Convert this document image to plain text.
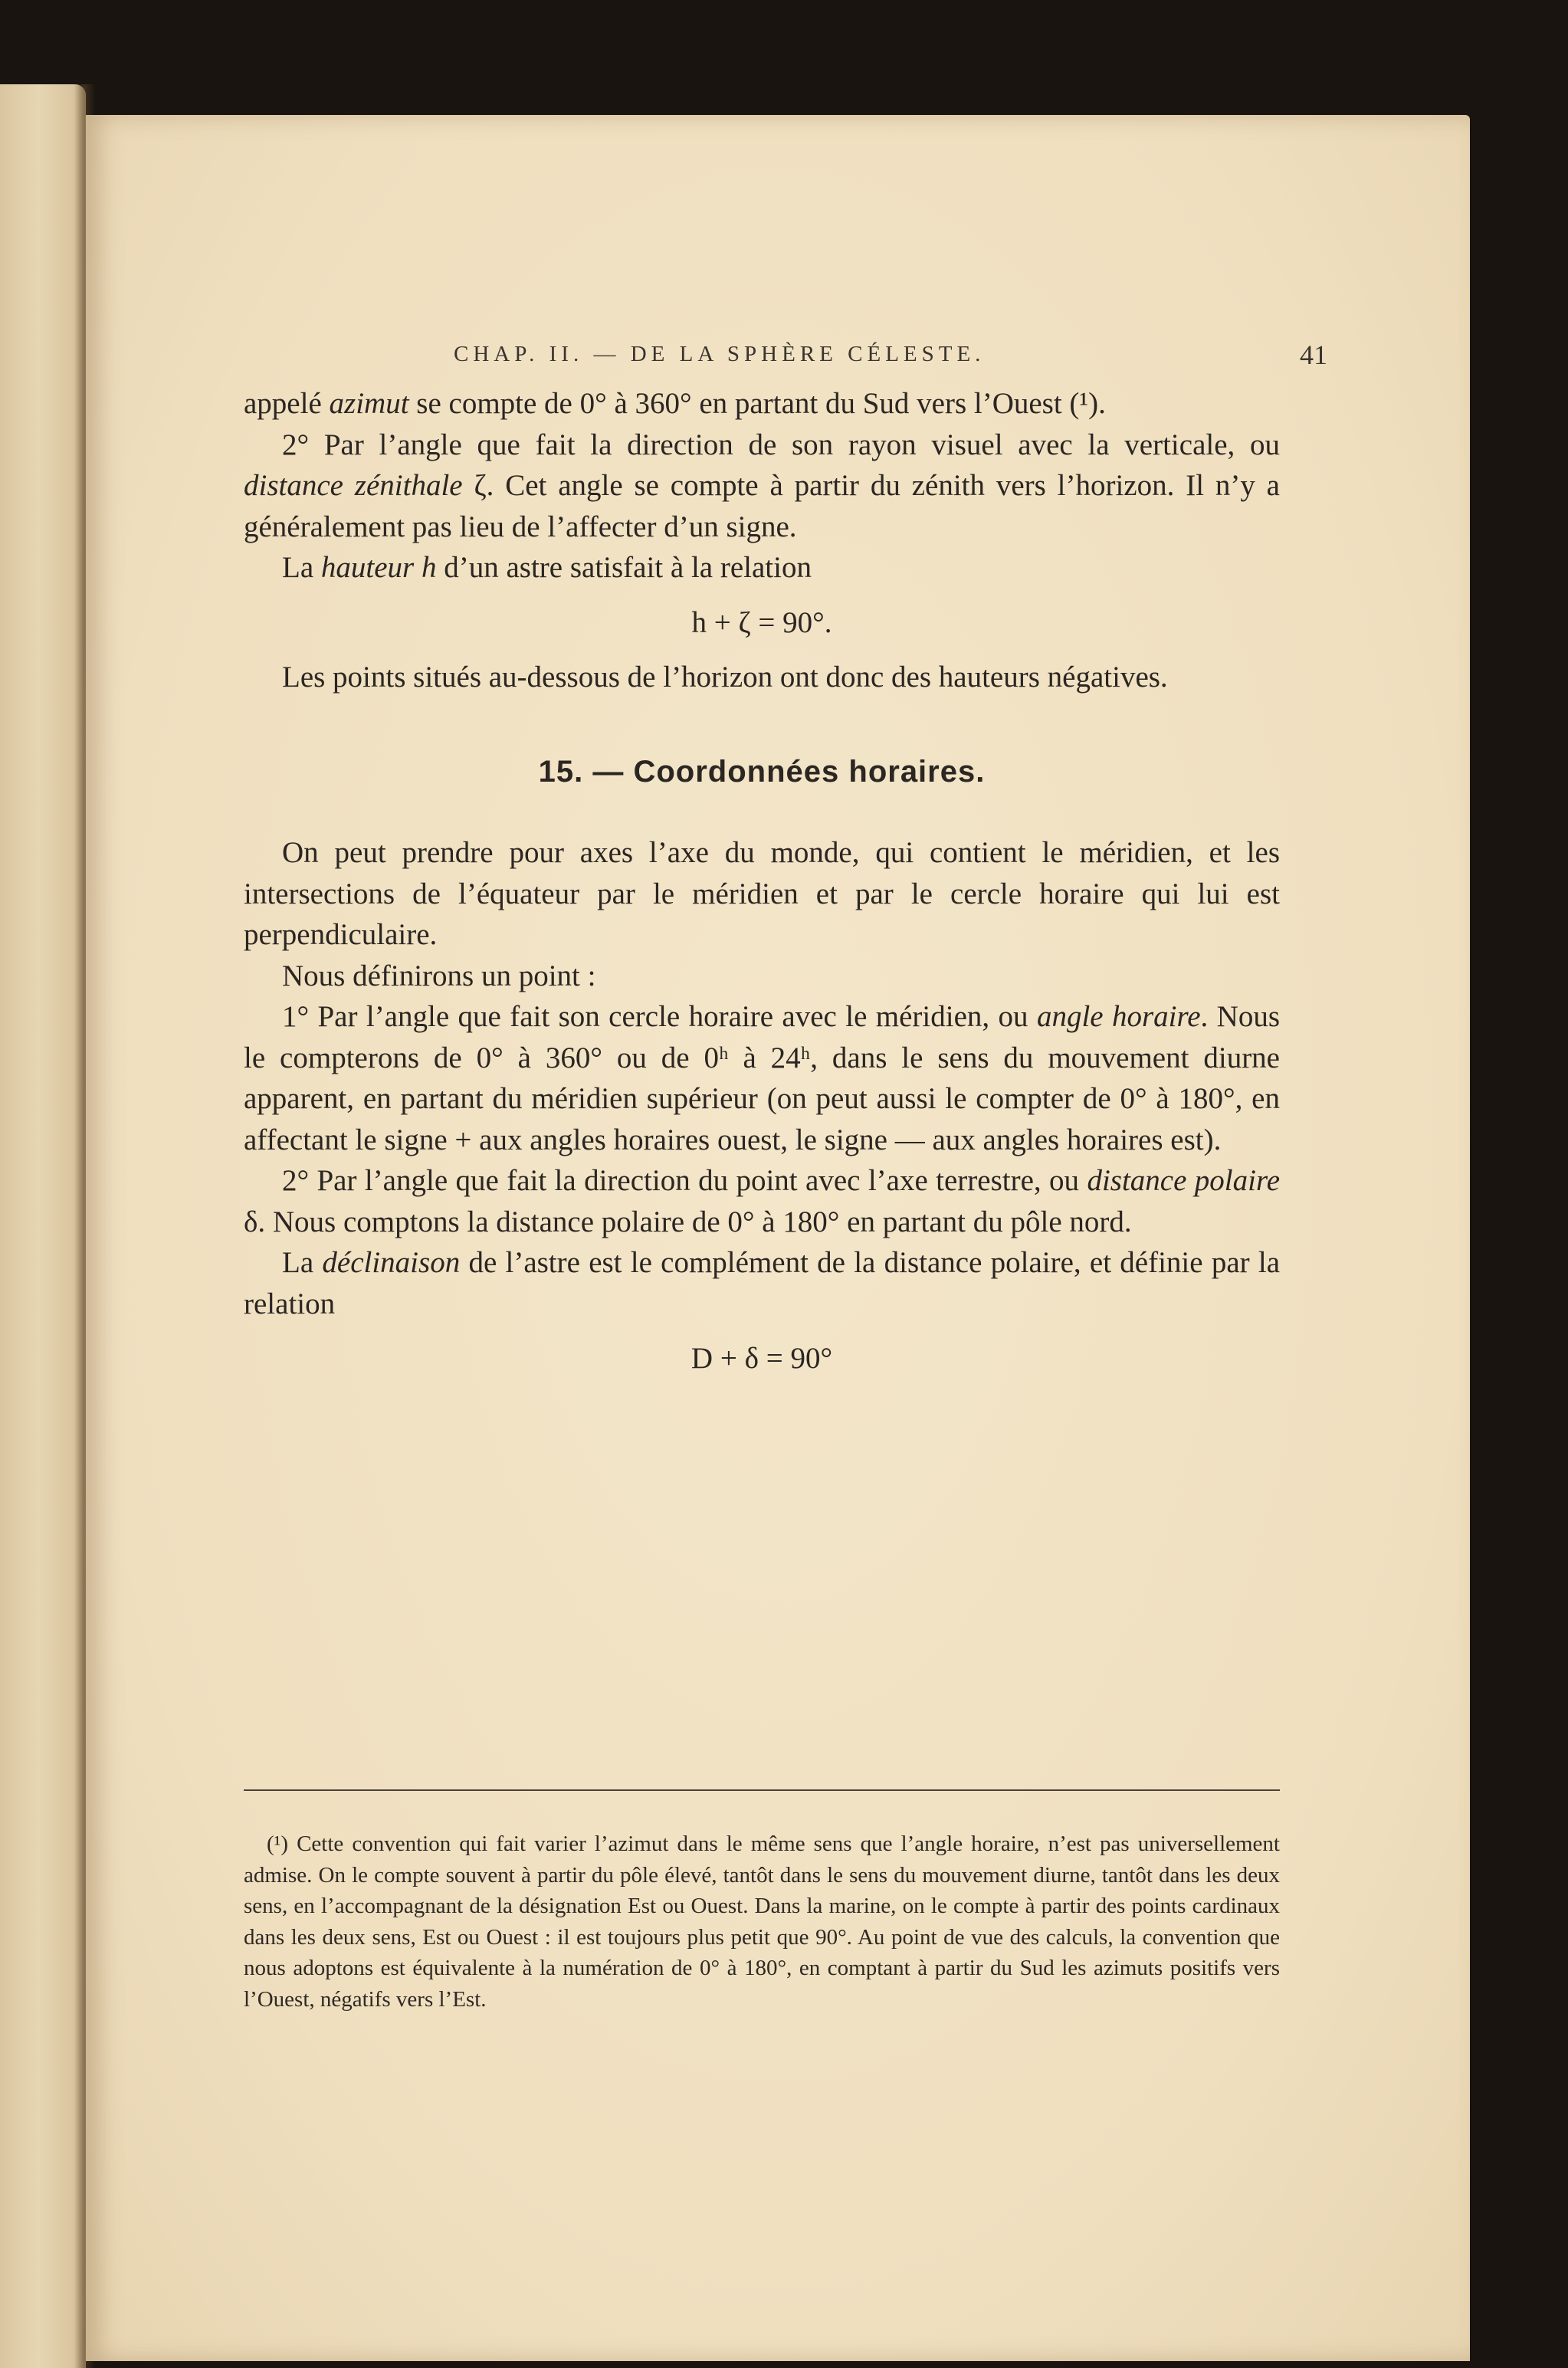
CHAP. II. — DE LA SPHÈRE CÉLESTE.	41

appelé azimut se compte de 0° à 360° en partant du Sud vers l’Ouest (¹).

2° Par l’angle que fait la direction de son rayon visuel avec la verticale, ou distance zénithale ζ. Cet angle se compte à partir du zénith vers l’horizon. Il n’y a généralement pas lieu de l’affecter d’un signe.

La hauteur h d’un astre satisfait à la relation

h + ζ = 90°.

Les points situés au-dessous de l’horizon ont donc des hauteurs négatives.

15. — Coordonnées horaires.

On peut prendre pour axes l’axe du monde, qui contient le méridien, et les intersections de l’équateur par le méridien et par le cercle horaire qui lui est perpendiculaire.

Nous définirons un point :

1° Par l’angle que fait son cercle horaire avec le méridien, ou angle horaire. Nous le compterons de 0° à 360° ou de 0ʰ à 24ʰ, dans le sens du mouvement diurne apparent, en partant du méridien supérieur (on peut aussi le compter de 0° à 180°, en affectant le signe + aux angles horaires ouest, le signe — aux angles horaires est).

2° Par l’angle que fait la direction du point avec l’axe terrestre, ou distance polaire δ. Nous comptons la distance polaire de 0° à 180° en partant du pôle nord.

La déclinaison de l’astre est le complément de la distance polaire, et définie par la relation

D + δ = 90°

(¹) Cette convention qui fait varier l’azimut dans le même sens que l’angle horaire, n’est pas universellement admise. On le compte souvent à partir du pôle élevé, tantôt dans le sens du mouvement diurne, tantôt dans les deux sens, en l’accompagnant de la désignation Est ou Ouest. Dans la marine, on le compte à partir des points cardinaux dans les deux sens, Est ou Ouest : il est toujours plus petit que 90°. Au point de vue des calculs, la convention que nous adoptons est équivalente à la numération de 0° à 180°, en comptant à partir du Sud les azimuts positifs vers l’Ouest, négatifs vers l’Est.
